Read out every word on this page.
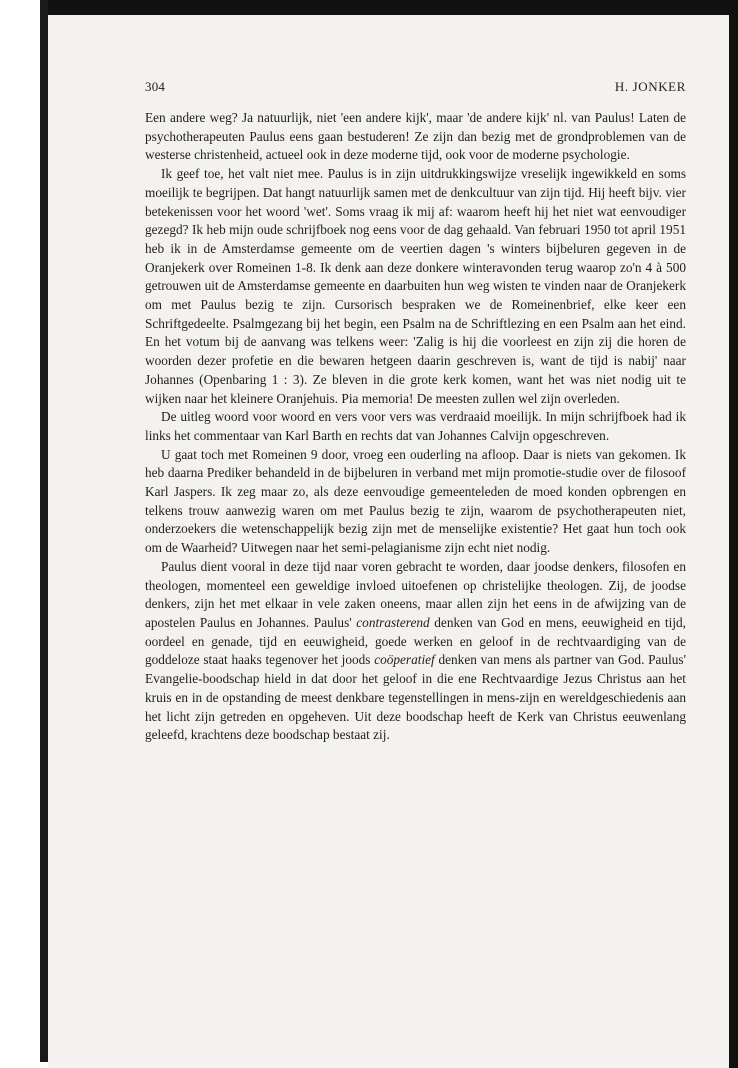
304	H. JONKER

Een andere weg? Ja natuurlijk, niet 'een andere kijk', maar 'de andere kijk' nl. van Paulus! Laten de psychotherapeuten Paulus eens gaan bestuderen! Ze zijn dan bezig met de grondproblemen van de westerse christenheid, actueel ook in deze moderne tijd, ook voor de moderne psychologie.

Ik geef toe, het valt niet mee. Paulus is in zijn uitdrukkingswijze vreselijk ingewikkeld en soms moeilijk te begrijpen. Dat hangt natuurlijk samen met de denkcultuur van zijn tijd. Hij heeft bijv. vier betekenissen voor het woord 'wet'. Soms vraag ik mij af: waarom heeft hij het niet wat eenvoudiger gezegd? Ik heb mijn oude schrijfboek nog eens voor de dag gehaald. Van februari 1950 tot april 1951 heb ik in de Amsterdamse gemeente om de veertien dagen 's winters bijbeluren gegeven in de Oranjekerk over Romeinen 1-8. Ik denk aan deze donkere winteravonden terug waarop zo'n 4 à 500 getrouwen uit de Amsterdamse gemeente en daarbuiten hun weg wisten te vinden naar de Oranjekerk om met Paulus bezig te zijn. Cursorisch bespraken we de Romeinenbrief, elke keer een Schriftgedeelte. Psalmgezang bij het begin, een Psalm na de Schriftlezing en een Psalm aan het eind. En het votum bij de aanvang was telkens weer: 'Zalig is hij die voorleest en zijn zij die horen de woorden dezer profetie en die bewaren hetgeen daarin geschreven is, want de tijd is nabij' naar Johannes (Openbaring 1 : 3). Ze bleven in die grote kerk komen, want het was niet nodig uit te wijken naar het kleinere Oranjehuis. Pia memoria! De meesten zullen wel zijn overleden.

De uitleg woord voor woord en vers voor vers was verdraaid moeilijk. In mijn schrijfboek had ik links het commentaar van Karl Barth en rechts dat van Johannes Calvijn opgeschreven.

U gaat toch met Romeinen 9 door, vroeg een ouderling na afloop. Daar is niets van gekomen. Ik heb daarna Prediker behandeld in de bijbeluren in verband met mijn promotie-studie over de filosoof Karl Jaspers. Ik zeg maar zo, als deze eenvoudige gemeenteleden de moed konden opbrengen en telkens trouw aanwezig waren om met Paulus bezig te zijn, waarom de psychotherapeuten niet, onderzoekers die wetenschappelijk bezig zijn met de menselijke existentie? Het gaat hun toch ook om de Waarheid? Uitwegen naar het semi-pelagianisme zijn echt niet nodig.

Paulus dient vooral in deze tijd naar voren gebracht te worden, daar joodse denkers, filosofen en theologen, momenteel een geweldige invloed uitoefenen op christelijke theologen. Zij, de joodse denkers, zijn het met elkaar in vele zaken oneens, maar allen zijn het eens in de afwijzing van de apostelen Paulus en Johannes. Paulus' contrasterend denken van God en mens, eeuwigheid en tijd, oordeel en genade, tijd en eeuwigheid, goede werken en geloof in de rechtvaardiging van de goddeloze staat haaks tegenover het joods coöperatief denken van mens als partner van God. Paulus' Evangelie-boodschap hield in dat door het geloof in die ene Rechtvaardige Jezus Christus aan het kruis en in de opstanding de meest denkbare tegenstellingen in mens-zijn en wereldgeschiedenis aan het licht zijn getreden en opgeheven. Uit deze boodschap heeft de Kerk van Christus eeuwenlang geleefd, krachtens deze boodschap bestaat zij.
